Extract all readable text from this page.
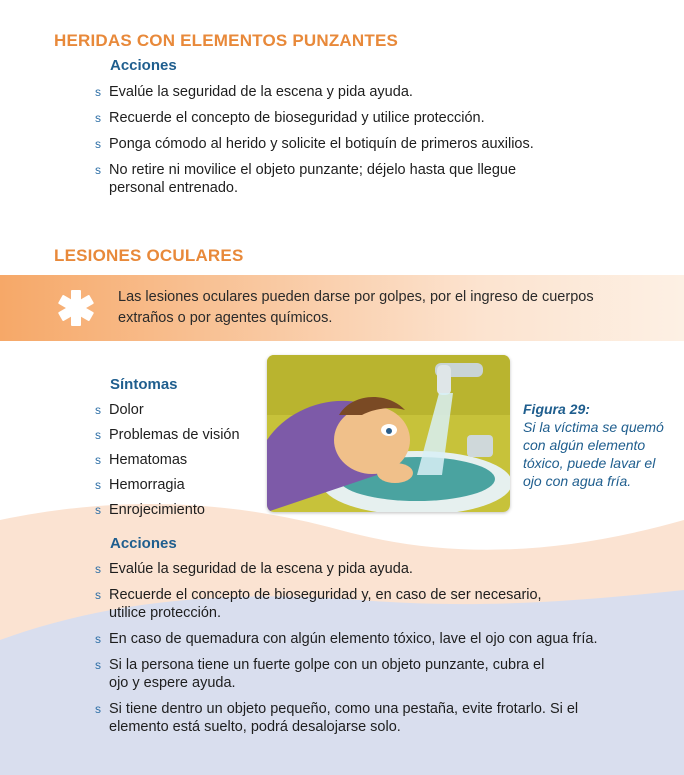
HERIDAS CON ELEMENTOS PUNZANTES
Acciones
s Evalúe la seguridad de la escena y pida ayuda.
s Recuerde el concepto de bioseguridad y utilice protección.
s Ponga cómodo al herido y solicite el botiquín de primeros auxilios.
s No retire ni movilice el objeto punzante; déjelo hasta que llegue personal entrenado.
LESIONES OCULARES
Las lesiones oculares pueden darse por golpes, por el ingreso de cuerpos extraños o por agentes químicos.
Síntomas
s Dolor
s Problemas de visión
s Hematomas
s Hemorragia
s Enrojecimiento
Figura 29:
Si la víctima se quemó con algún elemento tóxico, puede lavar el ojo con agua fría.
Acciones
s Evalúe la seguridad de la escena y pida ayuda.
s Recuerde el concepto de bioseguridad y, en caso de ser necesario, utilice protección.
s En caso de quemadura con algún elemento tóxico, lave el ojo con agua fría.
s Si la persona tiene un fuerte golpe con un objeto punzante, cubra el ojo y espere ayuda.
s Si tiene dentro un objeto pequeño, como una pestaña, evite frotarlo. Si el elemento está suelto, podrá desalojarse solo.
